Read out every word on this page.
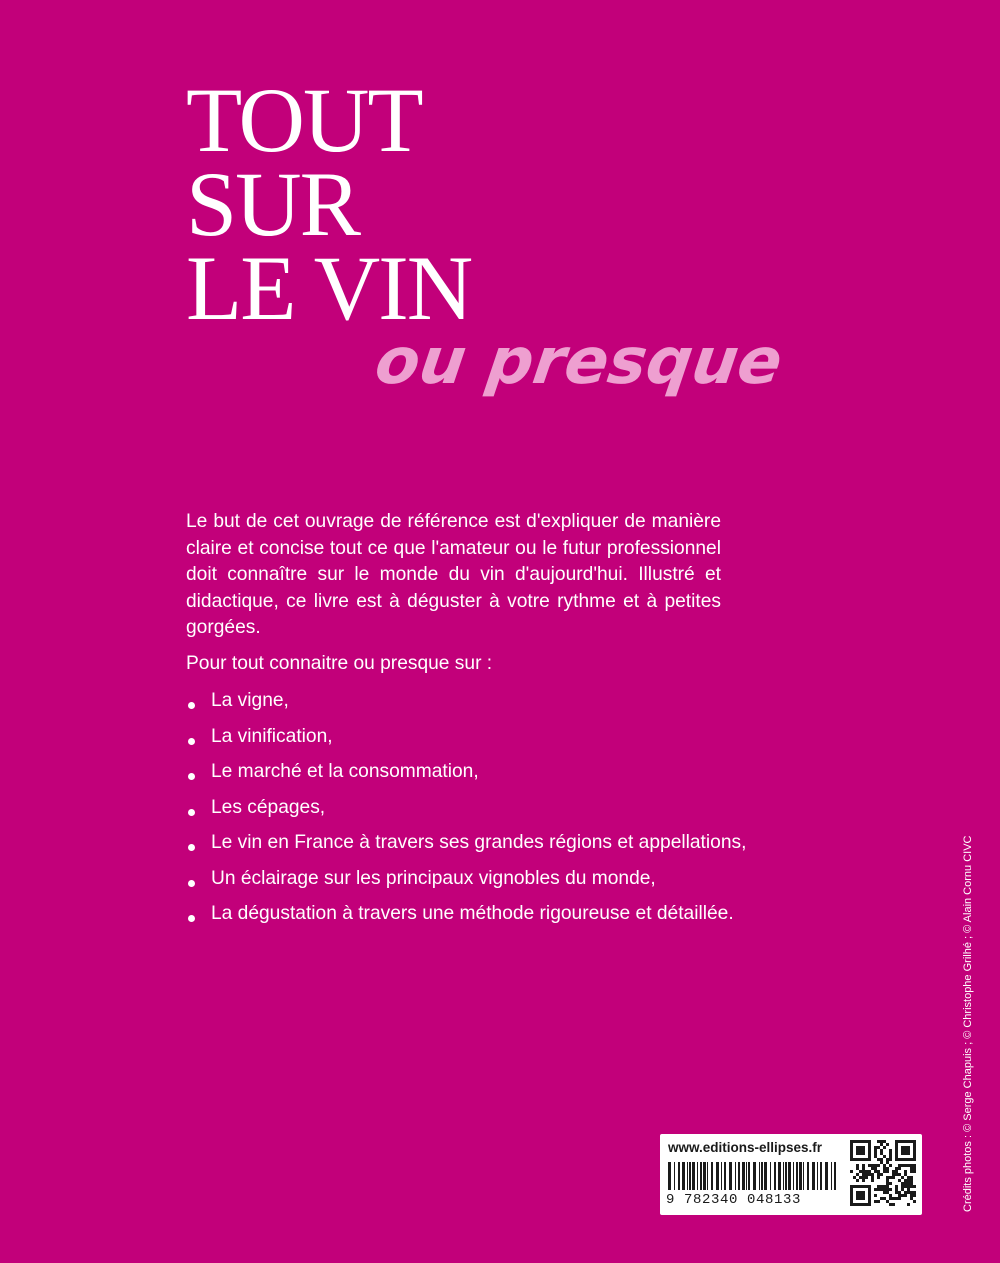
TOUT
SUR
LE VIN
ou presque

Le but de cet ouvrage de référence est d'expliquer de manière claire et concise tout ce que l'amateur ou le futur professionnel doit connaître sur le monde du vin d'aujourd'hui. Illustré et didactique, ce livre est à déguster à votre rythme et à petites gorgées.

Pour tout connaitre ou presque sur :

La vigne,
La vinification,
Le marché et la consommation,
Les cépages,
Le vin en France à travers ses grandes régions et appellations,
Un éclairage sur les principaux vignobles du monde,
La dégustation à travers une méthode rigoureuse et détaillée.
www.editions-ellipses.fr
9 782340 048133	Crédits photos : © Serge Chapuis ; © Christophe Grilhé ; © Alain Cornu CIVC
